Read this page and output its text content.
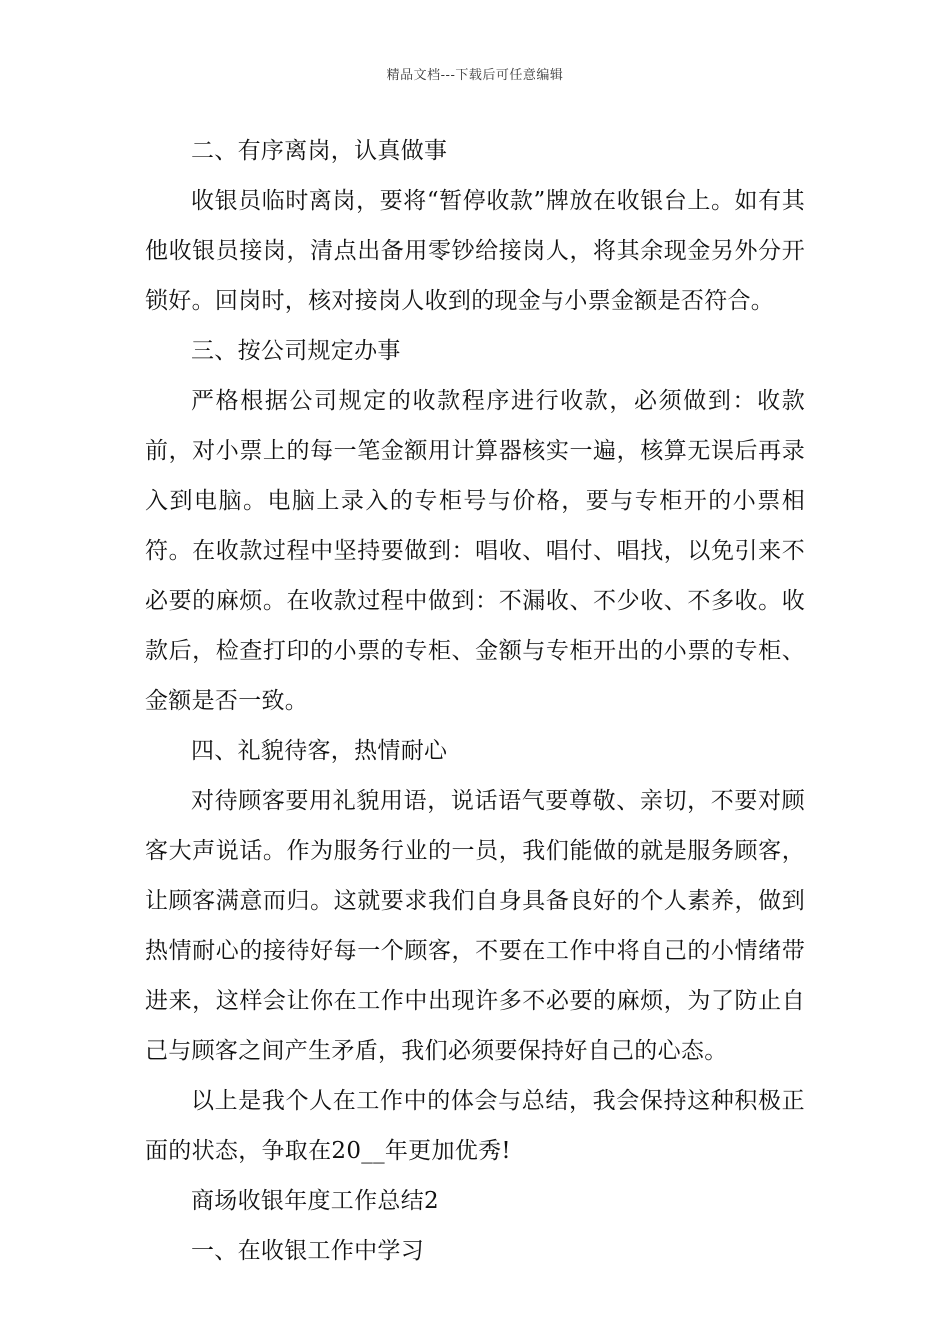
精品文档---下载后可任意编辑

二、有序离岗，认真做事

收银员临时离岗，要将“暂停收款”牌放在收银台上。如有其他收银员接岗，清点出备用零钞给接岗人，将其余现金另外分开锁好。回岗时，核对接岗人收到的现金与小票金额是否符合。

三、按公司规定办事

严格根据公司规定的收款程序进行收款，必须做到：收款前，对小票上的每一笔金额用计算器核实一遍，核算无误后再录入到电脑。电脑上录入的专柜号与价格，要与专柜开的小票相符。在收款过程中坚持要做到：唱收、唱付、唱找，以免引来不必要的麻烦。在收款过程中做到：不漏收、不少收、不多收。收款后，检查打印的小票的专柜、金额与专柜开出的小票的专柜、金额是否一致。

四、礼貌待客，热情耐心

对待顾客要用礼貌用语，说话语气要尊敬、亲切，不要对顾客大声说话。作为服务行业的一员，我们能做的就是服务顾客，让顾客满意而归。这就要求我们自身具备良好的个人素养，做到热情耐心的接待好每一个顾客，不要在工作中将自己的小情绪带进来，这样会让你在工作中出现许多不必要的麻烦，为了防止自己与顾客之间产生矛盾，我们必须要保持好自己的心态。

以上是我个人在工作中的体会与总结，我会保持这种积极正面的状态，争取在20__年更加优秀!

商场收银年度工作总结2

一、在收银工作中学习
